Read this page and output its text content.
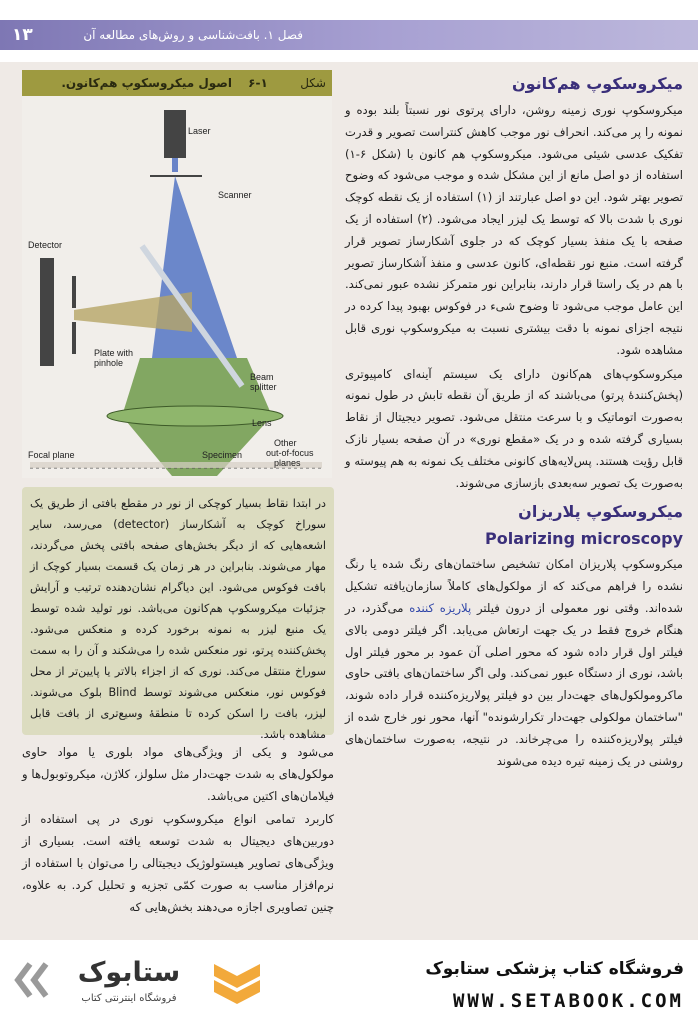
۱۳	فصل ۱. بافت‌شناسی و روش‌های مطالعه آن
شکل
۶-۱
اصول میکروسکوپ هم‌کانون.
Laser
Scanner
Detector
Plate with
pinhole
Beam
splitter
Lens
Other
out-of-focus
planes
Focal plane	Specimen
در ابتدا نقاط بسیار کوچکی از نور در مقطع بافتی از طریق یک سوراخ کوچک به آشکارساز (detector) می‌رسد، سایر اشعه‌هایی که از دیگر بخش‌های صفحه بافتی پخش می‌گردند، مهار می‌شوند. بنابراین در هر زمان یک قسمت بسیار کوچک از بافت فوکوس می‌شود. این دیاگرام نشان‌دهنده ترتیب و آرایش جزئیات میکروسکوپ هم‌کانون می‌باشد. نور تولید شده توسط یک منبع لیزر به نمونه برخورد کرده و منعکس می‌شود. پخش‌کننده پرتو، نور منعکس شده را می‌شکند و آن را به سمت سوراخ منتقل می‌کند. نوری که از اجزاء بالاتر یا پایین‌تر از محل فوکوس نور، منعکس می‌شوند توسط Blind بلوک می‌شوند. لیزر، بافت را اسکن کرده تا منطقهٔ وسیع‌تری از بافت قابل مشاهده باشد.

می‌شود و یکی از ویژگی‌های مواد بلوری یا مواد حاوی مولکول‌های به شدت جهت‌دار مثل سلولز، کلاژن، میکروتوبول‌ها و فیلامان‌های اکتین می‌باشد.

کاربرد تمامی انواع میکروسکوپ نوری در پی استفاده از دوربین‌های دیجیتال به شدت توسعه یافته است. بسیاری از ویژگی‌های تصاویر هیستولوژیک دیجیتالی را می‌توان با استفاده از نرم‌افزار مناسب به صورت کمّی تجزیه و تحلیل کرد. به علاوه، چنین تصاویری اجازه می‌دهند بخش‌هایی که

میکروسکوپ هم‌کانون

میکروسکوپ نوری زمینه روشن، دارای پرتوی نور نسبتاً بلند بوده و نمونه را پر می‌کند. انحراف نور موجب کاهش کنتراست تصویر و قدرت تفکیک عدسی شیئی می‌شود. میکروسکوپ هم کانون با (شکل ۶-۱) استفاده از دو اصل مانع از این مشکل شده و موجب می‌شود که وضوح تصویر بهتر شود. این دو اصل عبارتند از (۱) استفاده از یک نقطه کوچک نوری با شدت بالا که توسط یک لیزر ایجاد می‌شود. (۲) استفاده از یک صفحه با یک منفذ بسیار کوچک که در جلوی آشکارساز تصویر قرار گرفته است. منبع نور نقطه‌ای، کانون عدسی و منفذ آشکارساز تصویر با هم در یک راستا قرار دارند، بنابراین نور متمرکز نشده عبور نمی‌کند. این عامل موجب می‌شود تا وضوح شیء در فوکوس بهبود پیدا کرده در نتیجه اجزای نمونه با دقت بیشتری نسبت به میکروسکوپ نوری قابل مشاهده شود.

میکروسکوپ‌های هم‌کانون دارای یک سیستم آینه‌ای کامپیوتری (پخش‌کنندهٔ پرتو) می‌باشند که از طریق آن نقطه تابش در طول نمونه به‌صورت اتوماتیک و با سرعت منتقل می‌شود. تصویر دیجیتال از نقاط بسیاری گرفته شده و در یک «مقطع نوری» در آن صفحه بسیار نازک قابل رؤیت هستند. پس‌لایه‌های کانونی مختلف یک نمونه به هم پیوسته و به‌صورت یک تصویر سه‌بعدی بازسازی می‌شوند.

میکروسکوپ پلاریزان
Polarizing microscopy

میکروسکوپ پلاریزان امکان تشخیص ساختمان‌های رنگ شده یا رنگ نشده را فراهم می‌کند که از مولکول‌های کاملاً سازمان‌یافته تشکیل شده‌اند. وقتی نور معمولی از درون فیلتر پلاریزه کننده می‌گذرد، در هنگام خروج فقط در یک جهت ارتعاش می‌یابد. اگر فیلتر دومی بالای فیلتر اول قرار داده شود که محور اصلی آن عمود بر محور فیلتر اول باشد، نوری از دستگاه عبور نمی‌کند. ولی اگر ساختمان‌های بافتی حاوی ماکرومولکول‌های جهت‌دار بین دو فیلتر پولاریزه‌کننده قرار داده شوند، "ساختمان مولکولی جهت‌دار تکرارشونده" آنها، محور نور خارج شده از فیلتر پولاریزه‌کننده را می‌چرخاند. در نتیجه، به‌صورت ساختمان‌های روشنی در یک زمینه تیره دیده می‌شوند

ستابوک
فروشگاه اینترنتی کتاب
فروشگاه کتاب پزشکی ستابوک
WWW.SETABOOK.COM
